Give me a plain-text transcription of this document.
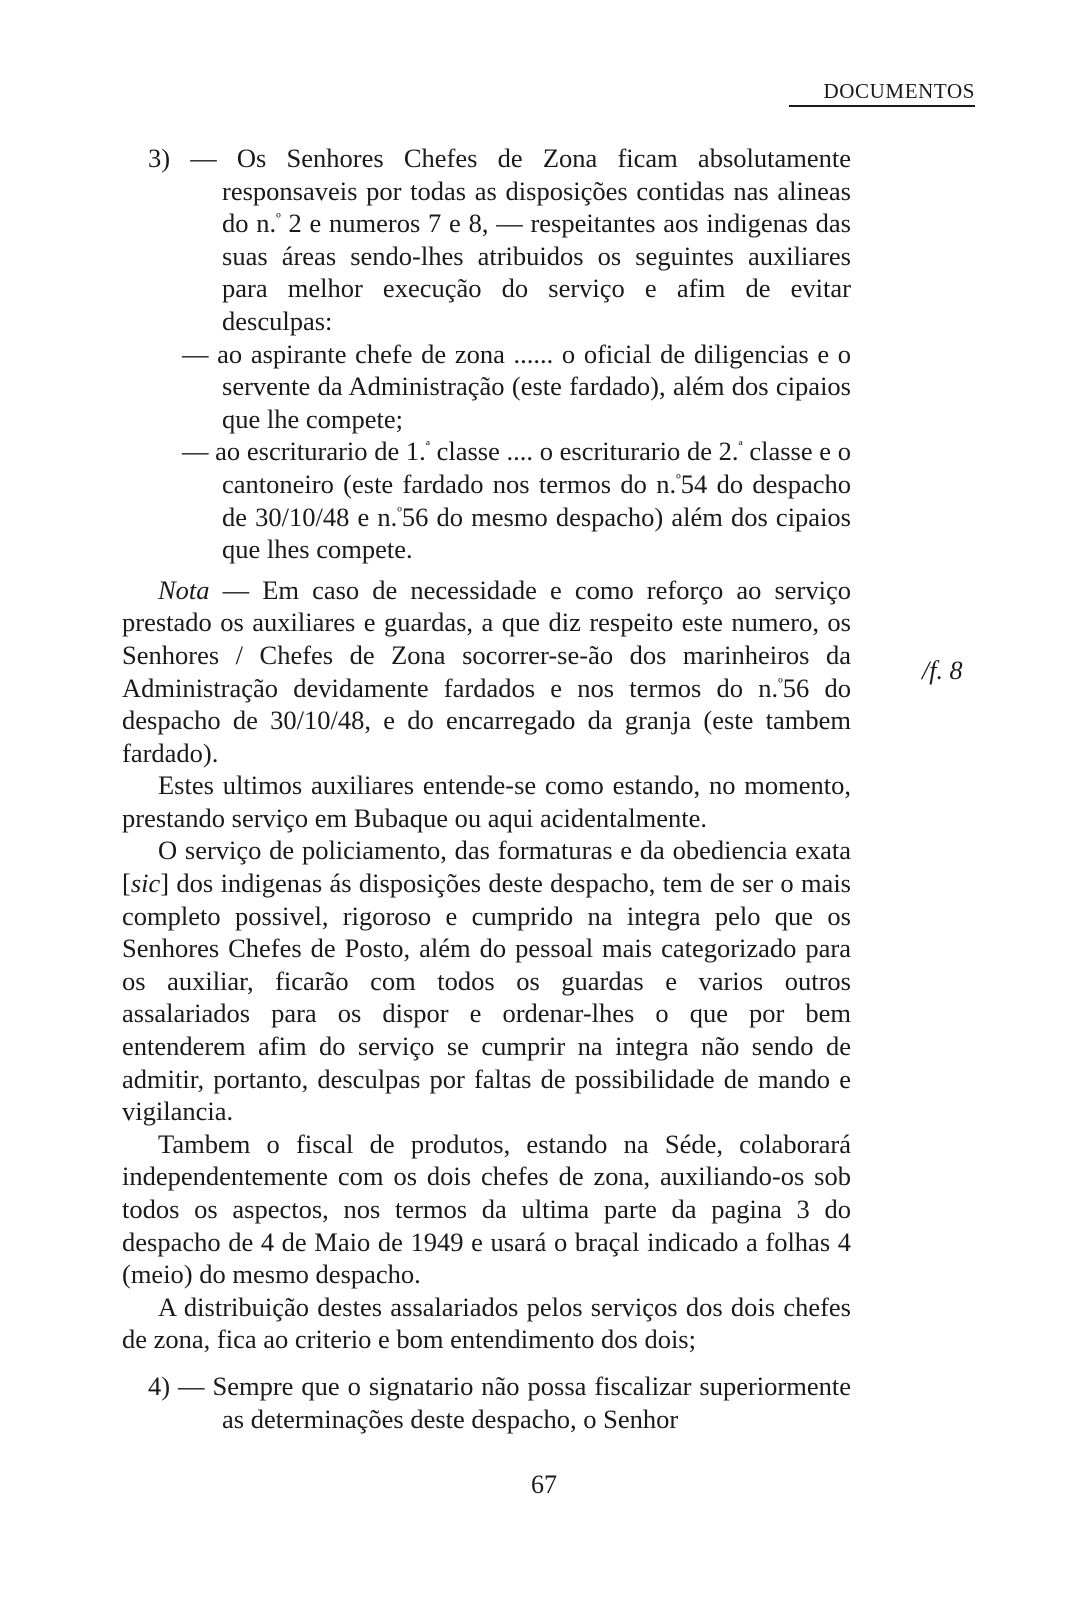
DOCUMENTOS

3) — Os Senhores Chefes de Zona ficam absolutamente responsaveis por todas as disposições contidas nas alineas do n.$^º$ 2 e numeros 7 e 8, — respeitantes aos indigenas das suas áreas sendo-lhes atribuidos os seguintes auxiliares para melhor execução do serviço e afim de evitar desculpas:

— ao aspirante chefe de zona ...... o oficial de diligencias e o servente da Administração (este fardado), além dos cipaios que lhe compete;

— ao escriturario de 1.$^ª$ classe .... o escriturario de 2.$^ª$ classe e o cantoneiro (este fardado nos termos do n.$^º$54 do despacho de 30/10/48 e n.$^º$56 do mesmo despacho) além dos cipaios que lhes compete.

Nota — Em caso de necessidade e como reforço ao serviço prestado os auxiliares e guardas, a que diz respeito este numero, os Senhores / Chefes de Zona socorrer-se-ão dos marinheiros da Administração devidamente fardados e nos termos do n.$^º$56 do despacho de 30/10/48, e do encarregado da granja (este tambem fardado).

Estes ultimos auxiliares entende-se como estando, no momento, prestando serviço em Bubaque ou aqui acidentalmente.

O serviço de policiamento, das formaturas e da obediencia exata [sic] dos indigenas ás disposições deste despacho, tem de ser o mais completo possivel, rigoroso e cumprido na integra pelo que os Senhores Chefes de Posto, além do pessoal mais categorizado para os auxiliar, ficarão com todos os guardas e varios outros assalariados para os dispor e ordenar-lhes o que por bem entenderem afim do serviço se cumprir na integra não sendo de admitir, portanto, desculpas por faltas de possibilidade de mando e vigilancia.

Tambem o fiscal de produtos, estando na Séde, colaborará independentemente com os dois chefes de zona, auxiliando-os sob todos os aspectos, nos termos da ultima parte da pagina 3 do despacho de 4 de Maio de 1949 e usará o braçal indicado a folhas 4 (meio) do mesmo despacho.

A distribuição destes assalariados pelos serviços dos dois chefes de zona, fica ao criterio e bom entendimento dos dois;

4) — Sempre que o signatario não possa fiscalizar superiormente as determinações deste despacho, o Senhor

/f. 8
67
